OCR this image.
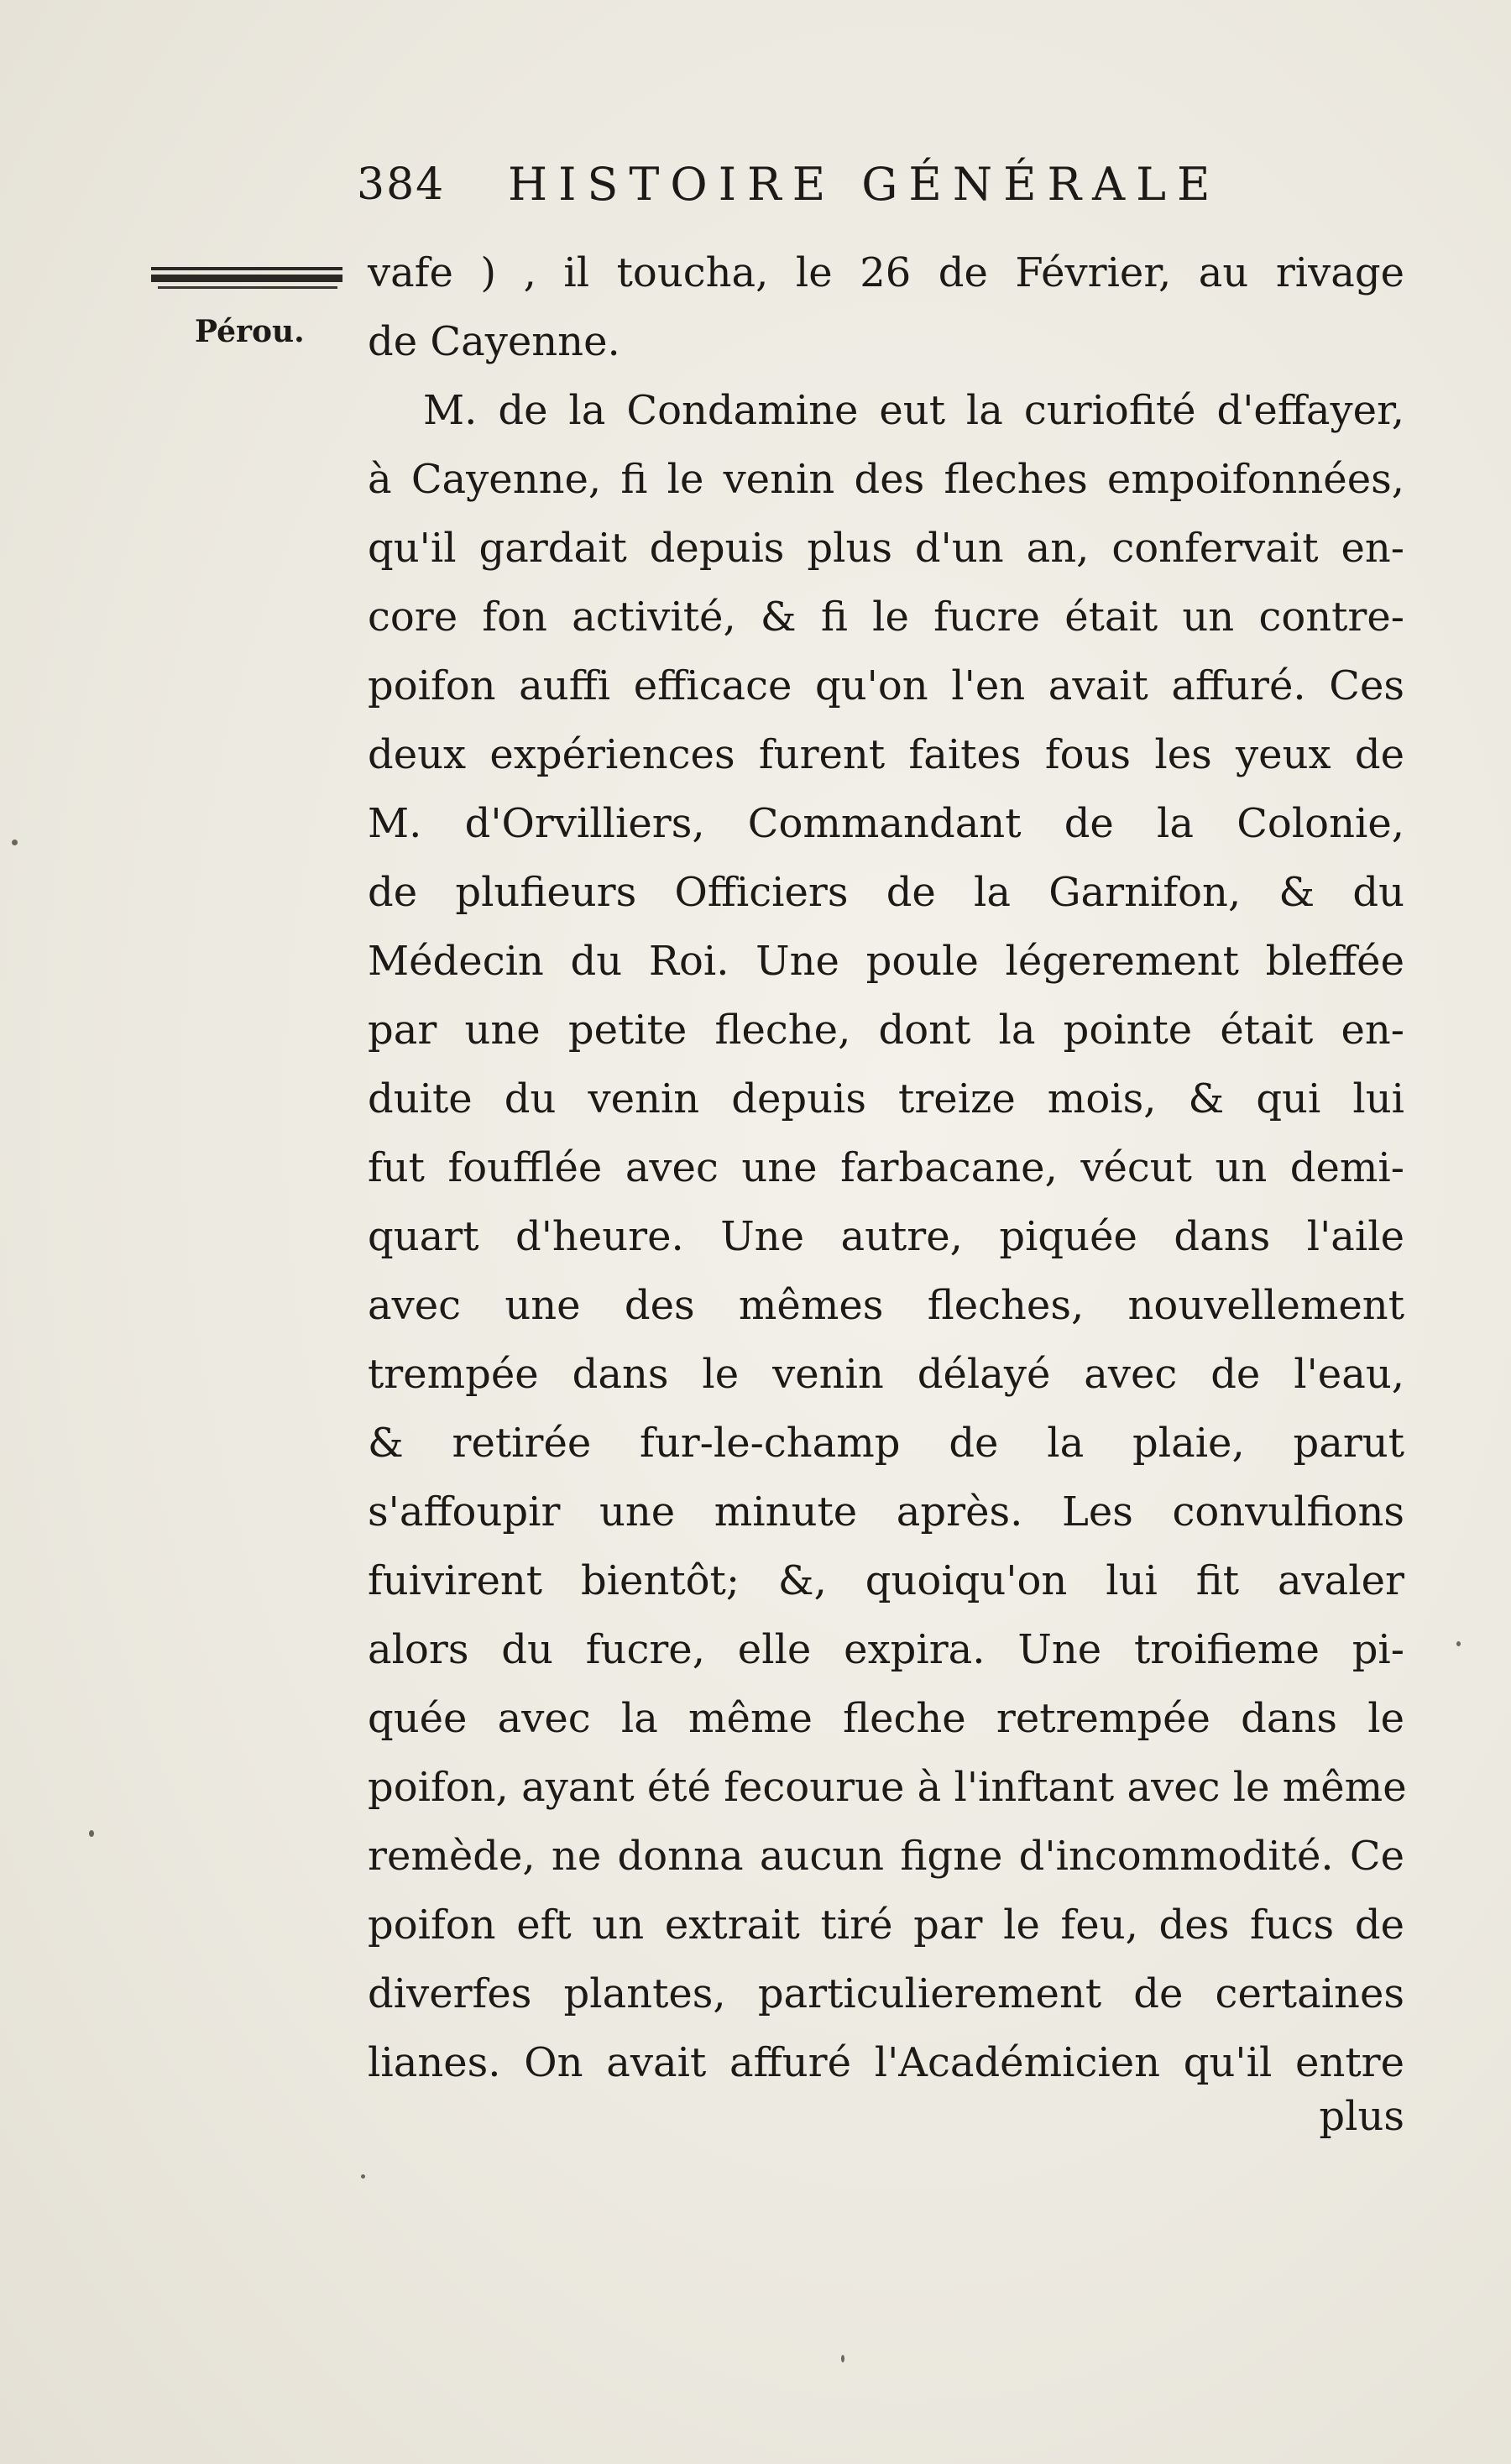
384 HISTOIRE GÉNÉRALE
Pérou.
vafe ) , il toucha, le 26 de Février, au rivage
de Cayenne.
M. de la Condamine eut la curiofité d'effayer,
à Cayenne, fi le venin des fleches empoifonnées,
qu'il gardait depuis plus d'un an, confervait en-
core fon activité, & fi le fucre était un contre-
poifon auffi efficace qu'on l'en avait affuré. Ces
deux expériences furent faites fous les yeux de
M. d'Orvilliers, Commandant de la Colonie,
de plufieurs Officiers de la Garnifon, & du
Médecin du Roi. Une poule légerement bleffée
par une petite fleche, dont la pointe était en-
duite du venin depuis treize mois, & qui lui
fut foufflée avec une farbacane, vécut un demi-
quart d'heure. Une autre, piquée dans l'aile
avec une des mêmes fleches, nouvellement
trempée dans le venin délayé avec de l'eau,
& retirée fur-le-champ de la plaie, parut
s'affoupir une minute après. Les convulfions
fuivirent bientôt; &, quoiqu'on lui fit avaler
alors du fucre, elle expira. Une troifieme pi-
quée avec la même fleche retrempée dans le
poifon, ayant été fecourue à l'inftant avec le même
remède, ne donna aucun figne d'incommodité. Ce
poifon eft un extrait tiré par le feu, des fucs de
diverfes plantes, particulierement de certaines
lianes. On avait affuré l'Académicien qu'il entre
plus
